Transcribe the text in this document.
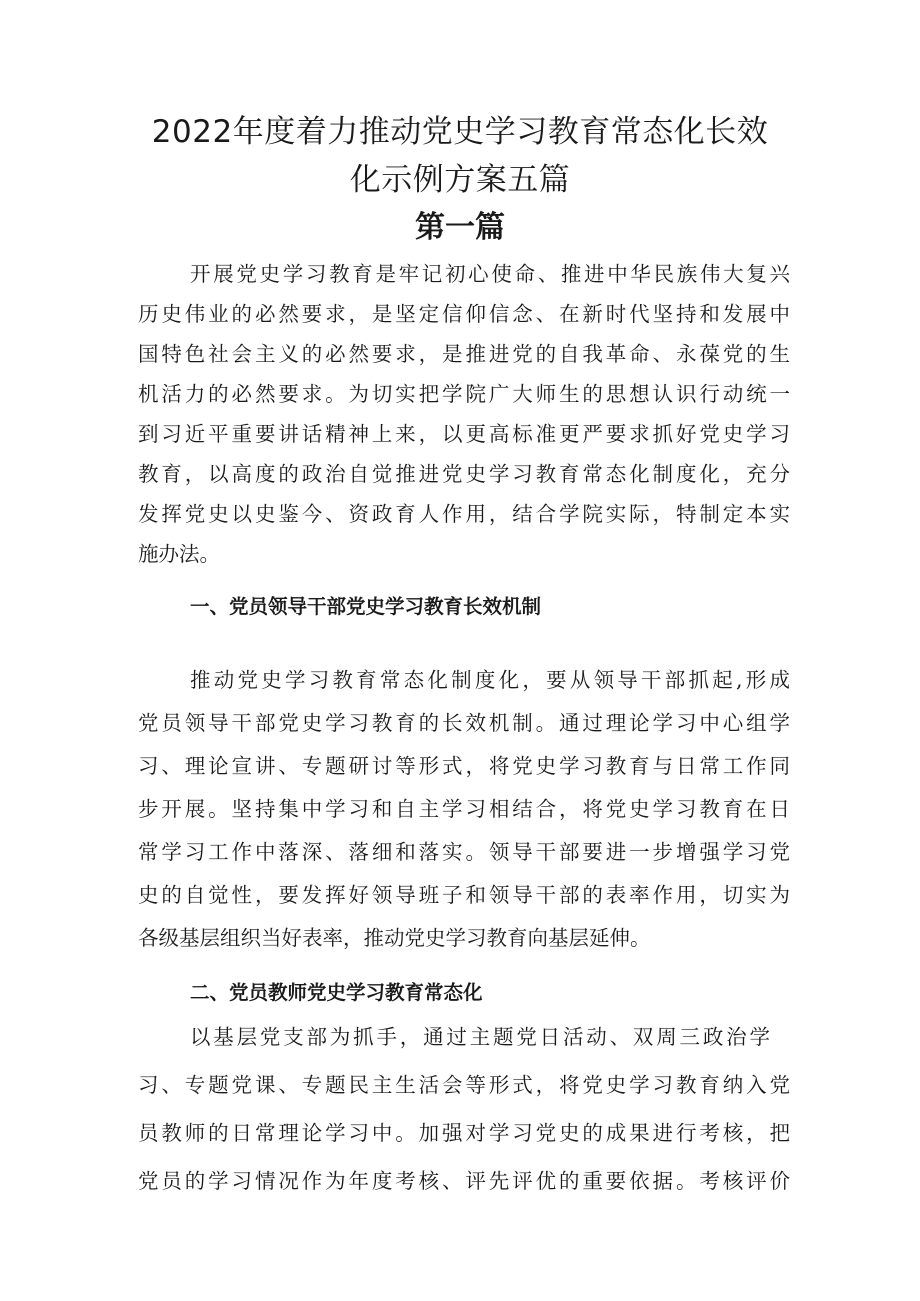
2022年度着力推动党史学习教育常态化长效
化示例方案五篇
第一篇
开展党史学习教育是牢记初心使命、推进中华民族伟大复兴
历史伟业的必然要求，是坚定信仰信念、在新时代坚持和发展中
国特色社会主义的必然要求，是推进党的自我革命、永葆党的生
机活力的必然要求。为切实把学院广大师生的思想认识行动统一
到习近平重要讲话精神上来，以更高标准更严要求抓好党史学习
教育，以高度的政治自觉推进党史学习教育常态化制度化，充分
发挥党史以史鉴今、资政育人作用，结合学院实际，特制定本实
施办法。
一、党员领导干部党史学习教育长效机制
推动党史学习教育常态化制度化，要从领导干部抓起,形成
党员领导干部党史学习教育的长效机制。通过理论学习中心组学
习、理论宣讲、专题研讨等形式，将党史学习教育与日常工作同
步开展。坚持集中学习和自主学习相结合，将党史学习教育在日
常学习工作中落深、落细和落实。领导干部要进一步增强学习党
史的自觉性，要发挥好领导班子和领导干部的表率作用，切实为
各级基层组织当好表率，推动党史学习教育向基层延伸。
二、党员教师党史学习教育常态化
以基层党支部为抓手，通过主题党日活动、双周三政治学
习、专题党课、专题民主生活会等形式，将党史学习教育纳入党
员教师的日常理论学习中。加强对学习党史的成果进行考核，把
党员的学习情况作为年度考核、评先评优的重要依据。考核评价
